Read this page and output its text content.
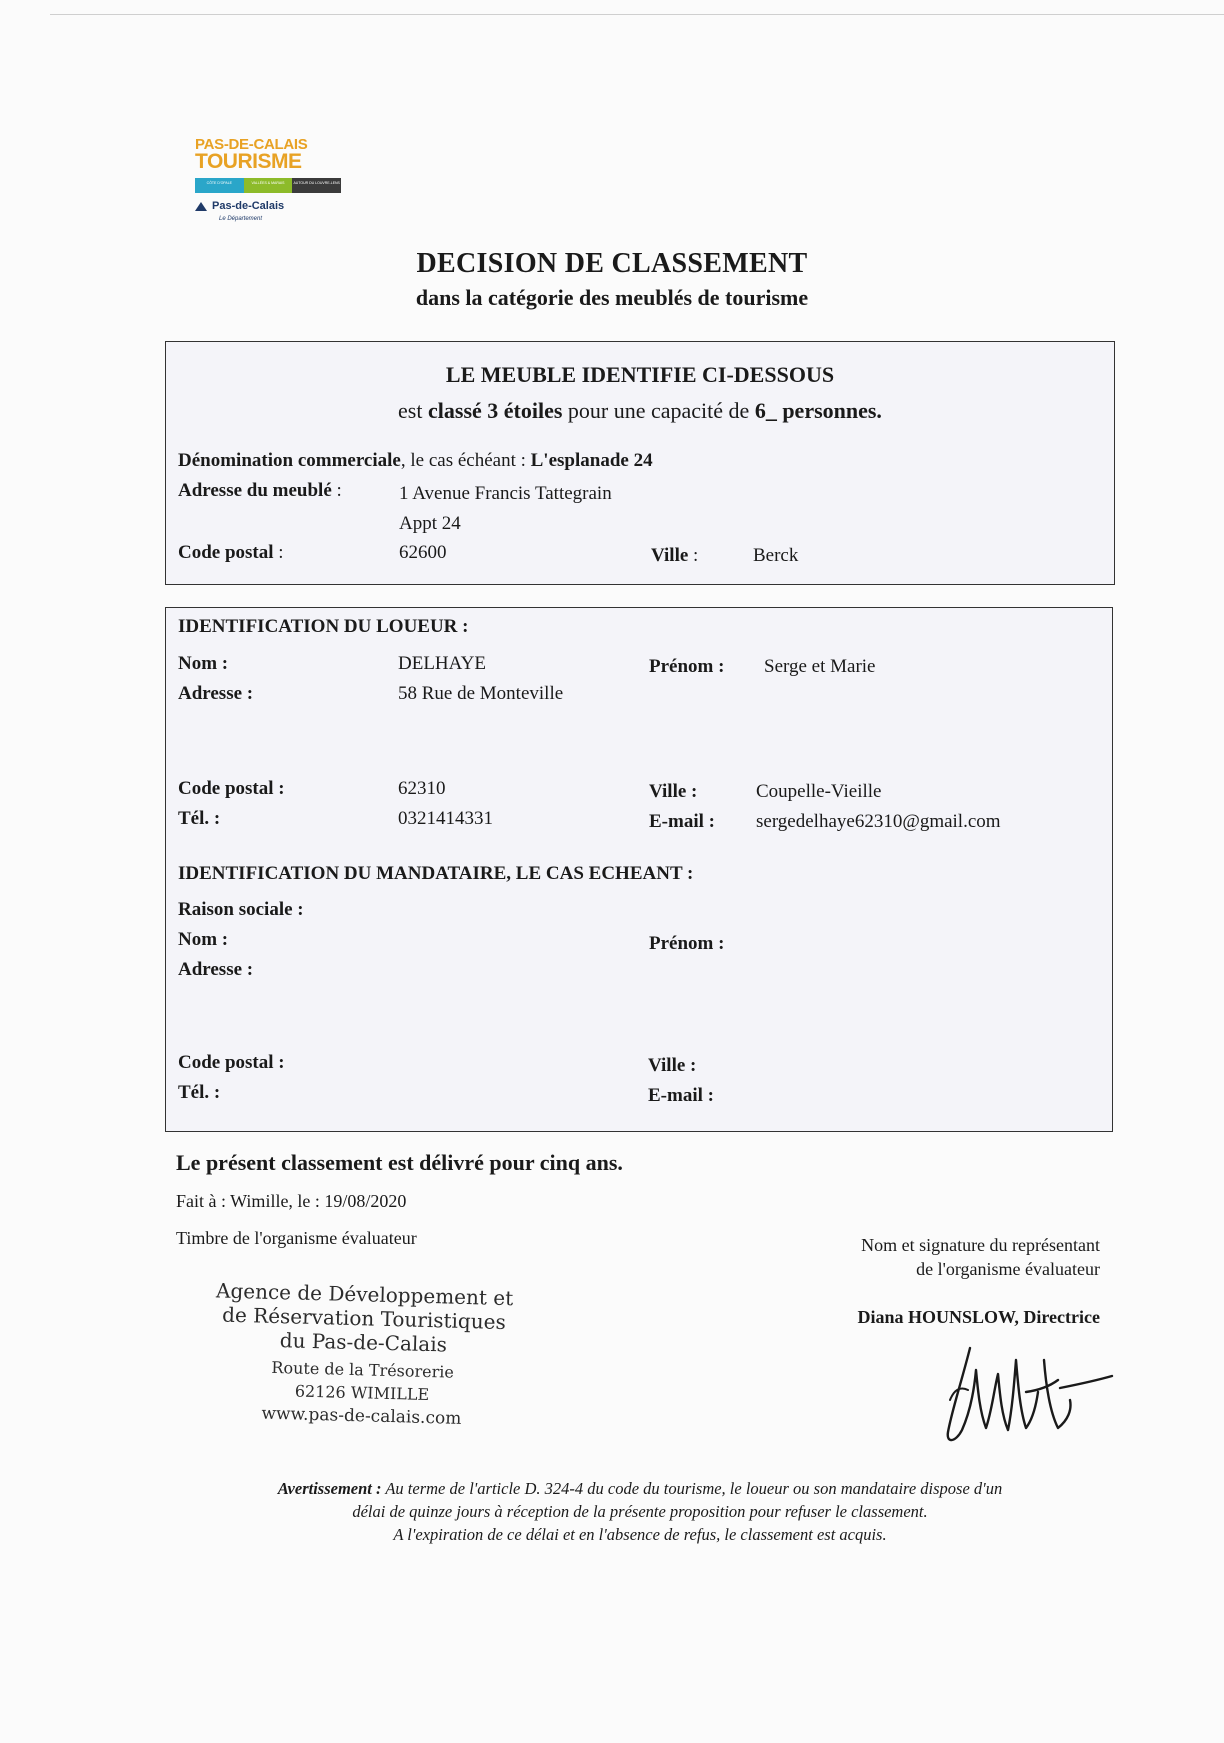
PAS-DE-CALAIS
TOURISME
CÔTE D'OPALE	VALLÉES & MARAIS	AUTOUR DU LOUVRE-LENS
Pas-de-Calais
Le Département
DECISION DE CLASSEMENT
dans la catégorie des meublés de tourisme
LE MEUBLE IDENTIFIE CI-DESSOUS
est classé 3 étoiles pour une capacité de 6_ personnes.
Dénomination commerciale, le cas échéant : L'esplanade 24
Adresse du meublé :	1 Avenue Francis Tattegrain
Appt 24
Code postal :	62600	Ville :	Berck
IDENTIFICATION DU LOUEUR :
Nom :	DELHAYE	Prénom : Serge et Marie
Adresse :	58 Rue de Monteville
Code postal :	62310	Ville :	Coupelle-Vieille
Tél. :	0321414331	E-mail : sergedelhaye62310@gmail.com
IDENTIFICATION DU MANDATAIRE, LE CAS ECHEANT :
Raison sociale :
Nom :	Prénom :
Adresse :
Code postal :	Ville :
Tél. :	E-mail :
Le présent classement est délivré pour cinq ans.
Fait à : Wimille, le : 19/08/2020
Timbre de l'organisme évaluateur	Nom et signature du représentant
de l'organisme évaluateur
Diana HOUNSLOW, Directrice
Agence de Développement et
de Réservation Touristiques
du Pas-de-Calais
Route de la Trésorerie
62126 WIMILLE
www.pas-de-calais.com
Avertissement : Au terme de l'article D. 324-4 du code du tourisme, le loueur ou son mandataire dispose d'un
délai de quinze jours à réception de la présente proposition pour refuser le classement.
A l'expiration de ce délai et en l'absence de refus, le classement est acquis.
